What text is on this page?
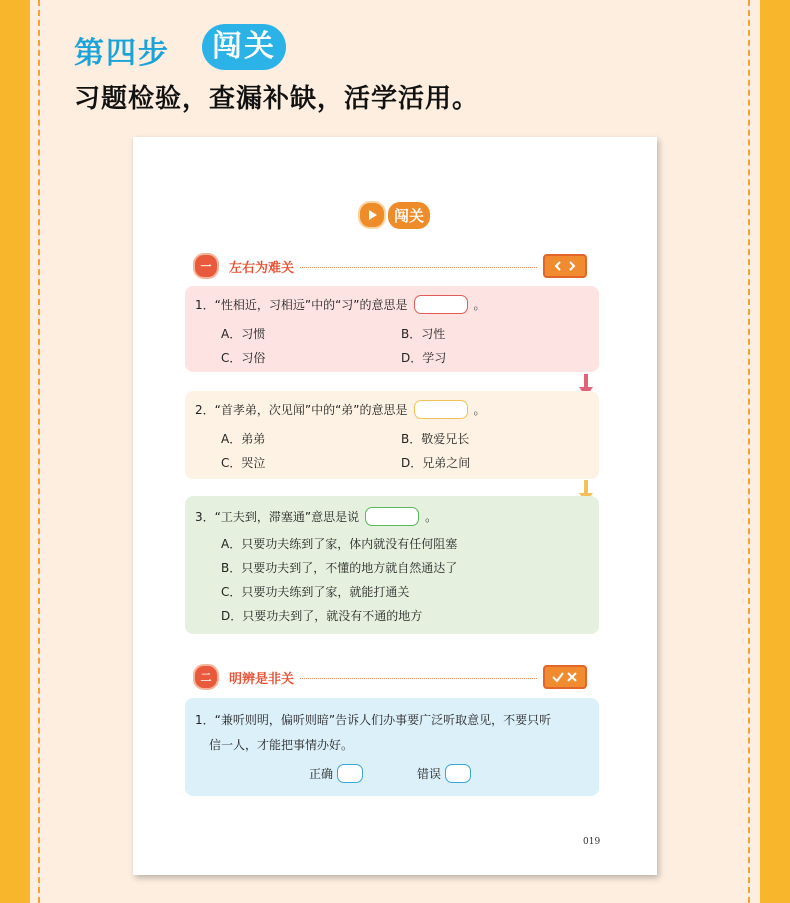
第四步	闯关
习题检验，查漏补缺，活学活用。
闯关
一	左右为难关
1．“性相近，习相远”中的“习”的意思是	。
A．习惯	B．习性
C．习俗	D．学习
2．“首孝弟，次见闻”中的“弟”的意思是	。
A．弟弟	B．敬爱兄长
C．哭泣	D．兄弟之间
3．“工夫到，滞塞通”意思是说	。
A．只要功夫练到了家，体内就没有任何阻塞
B．只要功夫到了，不懂的地方就自然通达了
C．只要功夫练到了家，就能打通关
D．只要功夫到了，就没有不通的地方
二	明辨是非关
1．“兼听则明，偏听则暗”告诉人们办事要广泛听取意见，不要只听
信一人，才能把事情办好。
正确	错误
019
